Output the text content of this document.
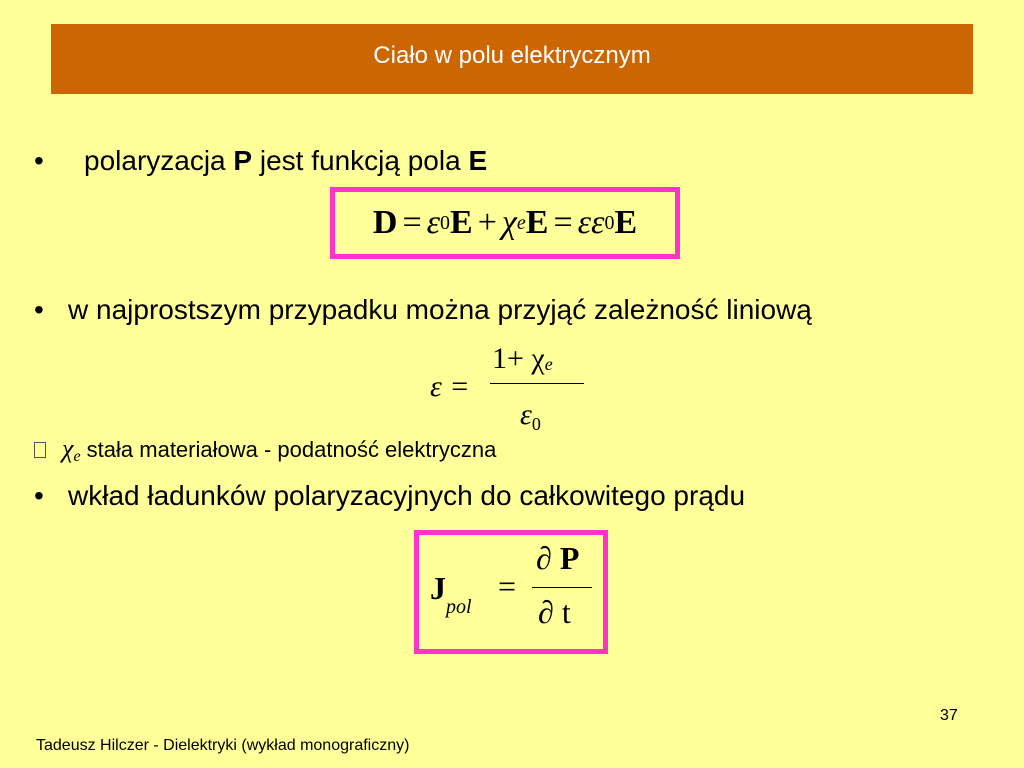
Ciało w polu elektrycznym
• polaryzacja P jest funkcją pola E
D = ε 0 E + χ e E = εε 0 E
• w najprostszym przypadku można przyjąć zależność liniową
ε =
$1+ \chi_e$
$\varepsilon_0$
$\chi_e$ stała materiałowa - podatność elektryczna
• wkład ładunków polaryzacyjnych do całkowitego prądu
$J_{pol}$
=
∂ P
∂ t
37
Tadeusz Hilczer - Dielektryki (wykład monograficzny)
